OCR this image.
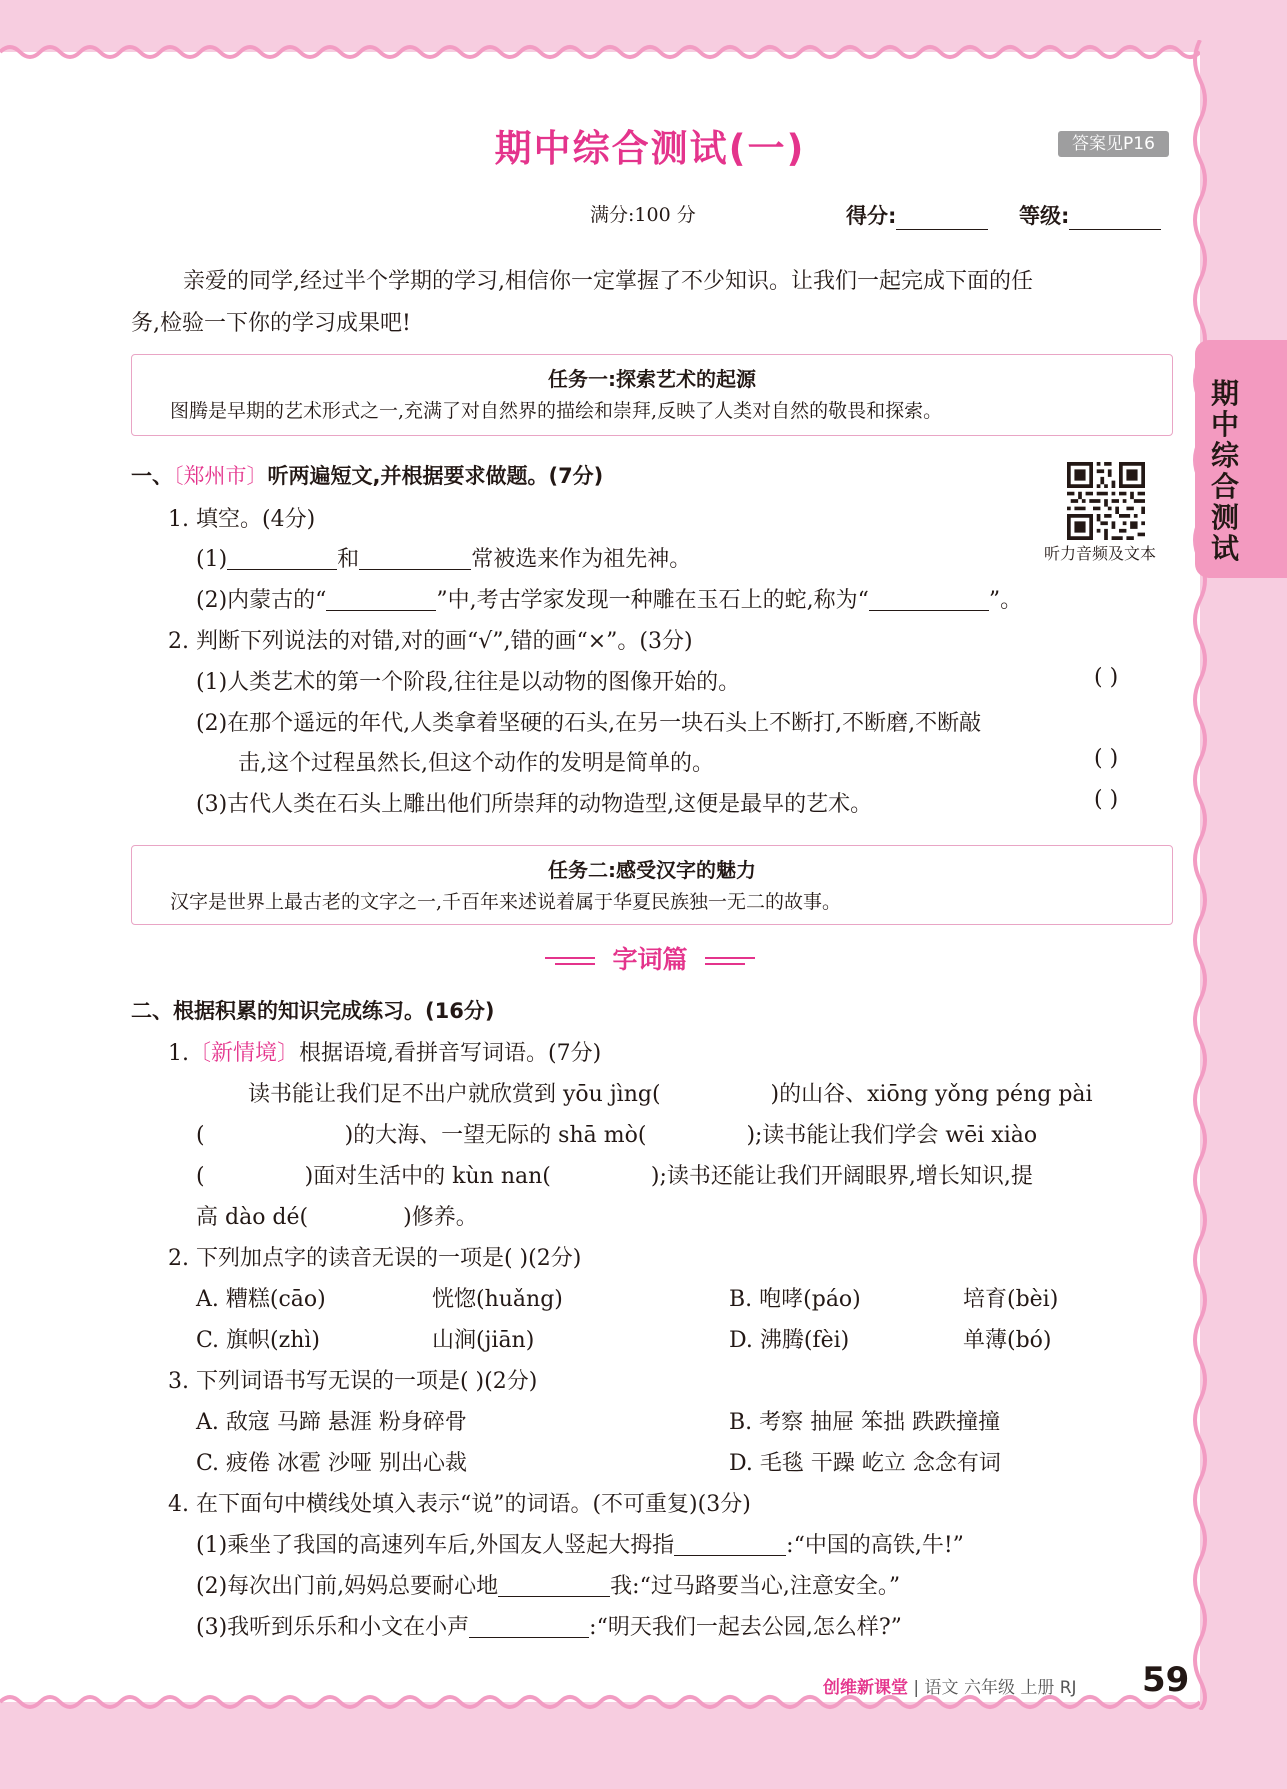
期中综合测试(一)	答案见P16
满分:100 分	得分:	等级:
亲爱的同学,经过半个学期的学习,相信你一定掌握了不少知识。让我们一起完成下面的任
务,检验一下你的学习成果吧!
期中综合测试
任务一:探索艺术的起源
图腾是早期的艺术形式之一,充满了对自然界的描绘和崇拜,反映了人类对自然的敬畏和探索。
一、〔郑州市〕听两遍短文,并根据要求做题。(7分)
听力音频及文本
1. 填空。(4分)
(1)	和	常被选来作为祖先神。
(2)内蒙古的“	”中,考古学家发现一种雕在玉石上的蛇,称为“	”。
2. 判断下列说法的对错,对的画“√”,错的画“×”。(3分)
(1)人类艺术的第一个阶段,往往是以动物的图像开始的。	( )
(2)在那个遥远的年代,人类拿着坚硬的石头,在另一块石头上不断打,不断磨,不断敲
击,这个过程虽然长,但这个动作的发明是简单的。	( )
(3)古代人类在石头上雕出他们所崇拜的动物造型,这便是最早的艺术。	( )
任务二:感受汉字的魅力
汉字是世界上最古老的文字之一,千百年来述说着属于华夏民族独一无二的故事。
字词篇
二、根据积累的知识完成练习。(16分)
1.〔新情境〕根据语境,看拼音写词语。(7分)
读书能让我们足不出户就欣赏到 yōu jìng(	)的山谷、xiōng yǒng péng pài
(	)的大海、一望无际的 shā mò(	);读书能让我们学会 wēi xiào
(	)面对生活中的 kùn nan(	);读书还能让我们开阔眼界,增长知识,提
高 dào dé(	)修养。
2. 下列加点字的读音无误的一项是( )(2分)
A. 糟糕(cāo)	恍惚(huǎng)	B. 咆哮(páo)	培育(bèi)
C. 旗帜(zhì)	山涧(jiān)	D. 沸腾(fèi)	单薄(bó)
3. 下列词语书写无误的一项是( )(2分)
A. 敌寇 马蹄 悬涯 粉身碎骨	B. 考察 抽屉 笨拙 跌跌撞撞
C. 疲倦 冰雹 沙哑 别出心裁	D. 毛毯 干躁 屹立 念念有词
4. 在下面句中横线处填入表示“说”的词语。(不可重复)(3分)
(1)乘坐了我国的高速列车后,外国友人竖起大拇指	:“中国的高铁,牛!”
(2)每次出门前,妈妈总要耐心地	我:“过马路要当心,注意安全。”
(3)我听到乐乐和小文在小声	:“明天我们一起去公园,怎么样?”
创维新课堂 | 语文 六年级 上册 RJ 59
